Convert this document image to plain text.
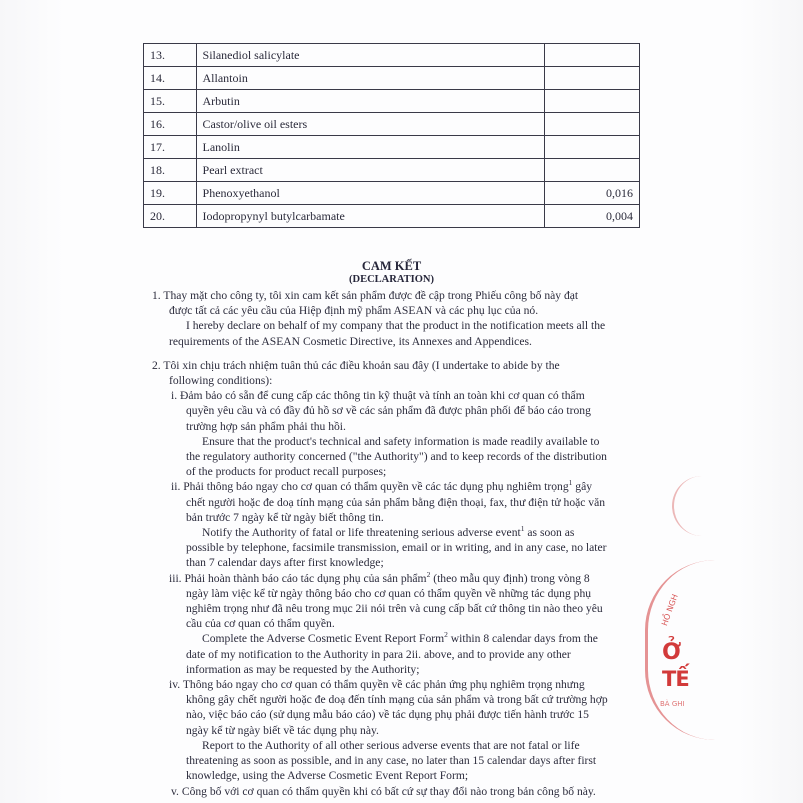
13.	Silanediol salicylate	
14.	Allantoin	
15.	Arbutin	
16.	Castor/olive oil esters	
17.	Lanolin	
18.	Pearl extract	
19.	Phenoxyethanol	0,016
20.	Iodopropynyl butylcarbamate	0,004
CAM KẾT
(DECLARATION)

1. Thay mặt cho công ty, tôi xin cam kết sản phẩm được đề cập trong Phiếu công bố này đạt

được tất cả các yêu cầu của Hiệp định mỹ phẩm ASEAN và các phụ lục của nó.

I hereby declare on behalf of my company that the product in the notification meets all the

requirements of the ASEAN Cosmetic Directive, its Annexes and Appendices.

2. Tôi xin chịu trách nhiệm tuân thủ các điều khoản sau đây (I undertake to abide by the

following conditions):

i. Đảm bảo có sẵn để cung cấp các thông tin kỹ thuật và tính an toàn khi cơ quan có thẩm

quyền yêu cầu và có đầy đủ hồ sơ về các sản phẩm đã được phân phối để báo cáo trong

trường hợp sản phẩm phải thu hồi.

Ensure that the product's technical and safety information is made readily available to

the regulatory authority concerned ("the Authority") and to keep records of the distribution

of the products for product recall purposes;

ii. Phải thông báo ngay cho cơ quan có thẩm quyền về các tác dụng phụ nghiêm trọng$^1$ gây

chết người hoặc đe doạ tính mạng của sản phẩm bằng điện thoại, fax, thư điện tử hoặc văn

bản trước 7 ngày kể từ ngày biết thông tin.

Notify the Authority of fatal or life threatening serious adverse event$^1$ as soon as

possible by telephone, facsimile transmission, email or in writing, and in any case, no later

than 7 calendar days after first knowledge;

iii. Phải hoàn thành báo cáo tác dụng phụ của sản phẩm$^2$ (theo mẫu quy định) trong vòng 8

ngày làm việc kể từ ngày thông báo cho cơ quan có thẩm quyền về những tác dụng phụ

nghiêm trọng như đã nêu trong mục 2ii nói trên và cung cấp bất cứ thông tin nào theo yêu

cầu của cơ quan có thẩm quyền.

Complete the Adverse Cosmetic Event Report Form$^2$ within 8 calendar days from the

date of my notification to the Authority in para 2ii. above, and to provide any other

information as may be requested by the Authority;

iv. Thông báo ngay cho cơ quan có thẩm quyền về các phản ứng phụ nghiêm trọng nhưng

không gây chết người hoặc đe doạ đến tính mạng của sản phẩm và trong bất cứ trường hợp

nào, việc báo cáo (sử dụng mẫu báo cáo) về tác dụng phụ phải được tiến hành trước 15

ngày kể từ ngày biết về tác dụng phụ này.

Report to the Authority of all other serious adverse events that are not fatal or life

threatening as soon as possible, and in any case, no later than 15 calendar days after first

knowledge, using the Adverse Cosmetic Event Report Form;

v. Công bố với cơ quan có thẩm quyền khi có bất cứ sự thay đổi nào trong bản công bố này.

HỒ NGH
Ở
TẾ
BÀ GHI
